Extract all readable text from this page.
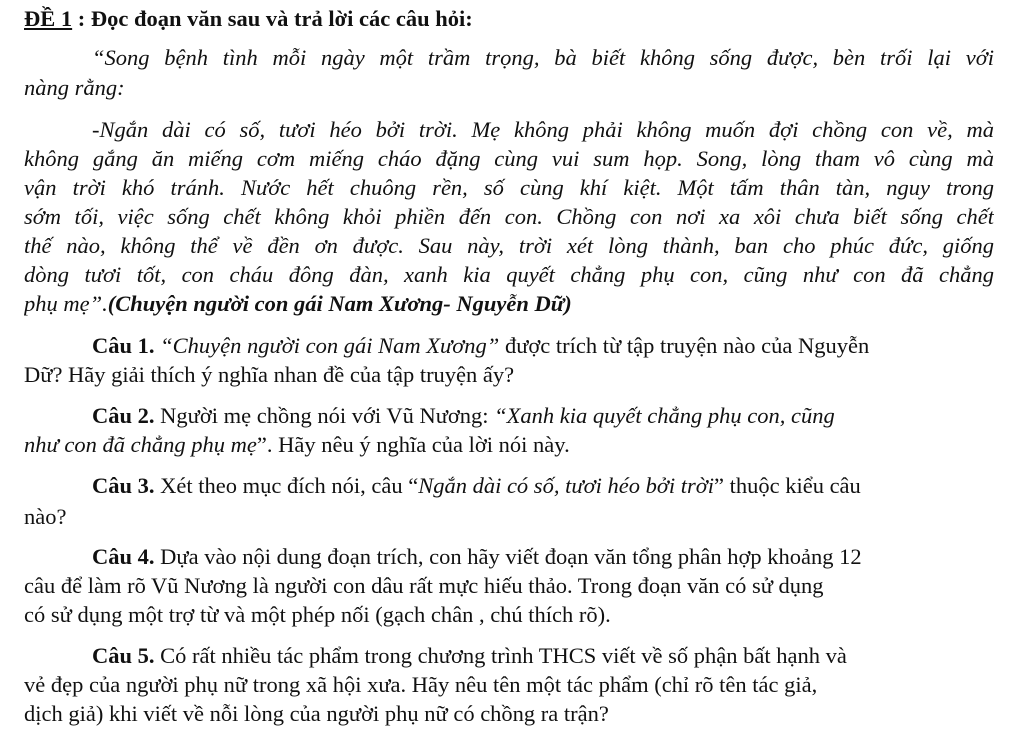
ĐỀ 1 : Đọc đoạn văn sau và trả lời các câu hỏi:
“Song bệnh tình mỗi ngày một trầm trọng, bà biết không sống được, bèn trối lại với
nàng rằng:
-Ngắn dài có số, tươi héo bởi trời. Mẹ không phải không muốn đợi chồng con về, mà
không gắng ăn miếng cơm miếng cháo đặng cùng vui sum họp. Song, lòng tham vô cùng mà
vận trời khó tránh. Nước hết chuông rền, số cùng khí kiệt. Một tấm thân tàn, nguy trong
sớm tối, việc sống chết không khỏi phiền đến con. Chồng con nơi xa xôi chưa biết sống chết
thế nào, không thể về đền ơn được. Sau này, trời xét lòng thành, ban cho phúc đức, giống
dòng tươi tốt, con cháu đông đàn, xanh kia quyết chẳng phụ con, cũng như con đã chẳng
phụ mẹ”.(Chuyện người con gái Nam Xương- Nguyễn Dữ)
Câu 1. “Chuyện người con gái Nam Xương” được trích từ tập truyện nào của Nguyễn
Dữ? Hãy giải thích ý nghĩa nhan đề của tập truyện ấy?
Câu 2. Người mẹ chồng nói với Vũ Nương: “Xanh kia quyết chẳng phụ con, cũng
như con đã chẳng phụ mẹ”. Hãy nêu ý nghĩa của lời nói này.
Câu 3. Xét theo mục đích nói, câu “Ngắn dài có số, tươi héo bởi trời” thuộc kiểu câu
nào?
Câu 4. Dựa vào nội dung đoạn trích, con hãy viết đoạn văn tổng phân hợp khoảng 12
câu để làm rõ Vũ Nương là người con dâu rất mực hiếu thảo. Trong đoạn văn có sử dụng
có sử dụng một trợ từ và một phép nối (gạch chân , chú thích rõ).
Câu 5. Có rất nhiều tác phẩm trong chương trình THCS viết về số phận bất hạnh và
vẻ đẹp của người phụ nữ trong xã hội xưa. Hãy nêu tên một tác phẩm (chỉ rõ tên tác giả,
dịch giả) khi viết về nỗi lòng của người phụ nữ có chồng ra trận?
